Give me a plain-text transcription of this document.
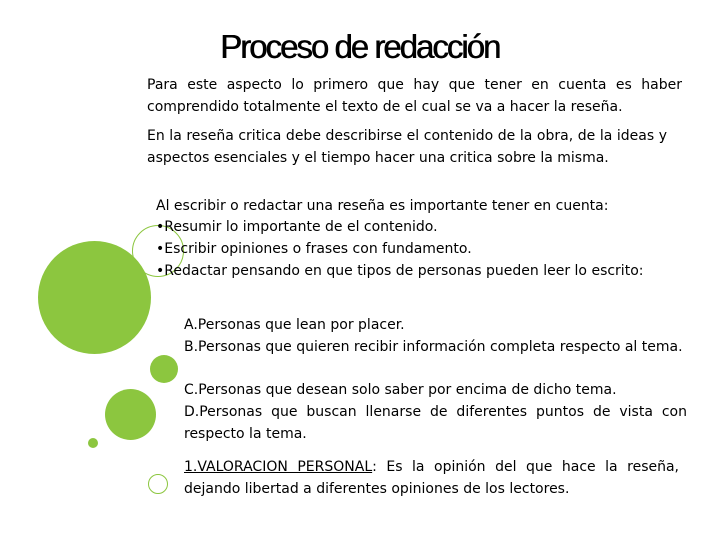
Proceso de redacción

Para este aspecto lo primero que hay que tener en cuenta es haber comprendido totalmente el texto de el cual se va a hacer la reseña.

En la reseña critica debe describirse el contenido de la obra, de la ideas y aspectos esenciales y el tiempo hacer una critica sobre la misma.

Al escribir o redactar una reseña es importante tener en cuenta:

•Resumir lo importante de el contenido.

•Escribir opiniones o frases con fundamento.

•Redactar pensando en que tipos de personas pueden leer lo escrito:

A.Personas que lean por placer.

B.Personas que quieren recibir información completa respecto al tema.

C.Personas que desean solo saber por encima de dicho tema.

D.Personas que buscan llenarse de diferentes puntos de vista con respecto la tema.

1.VALORACION PERSONAL: Es la opinión del que hace la reseña, dejando libertad a diferentes opiniones de los lectores.
